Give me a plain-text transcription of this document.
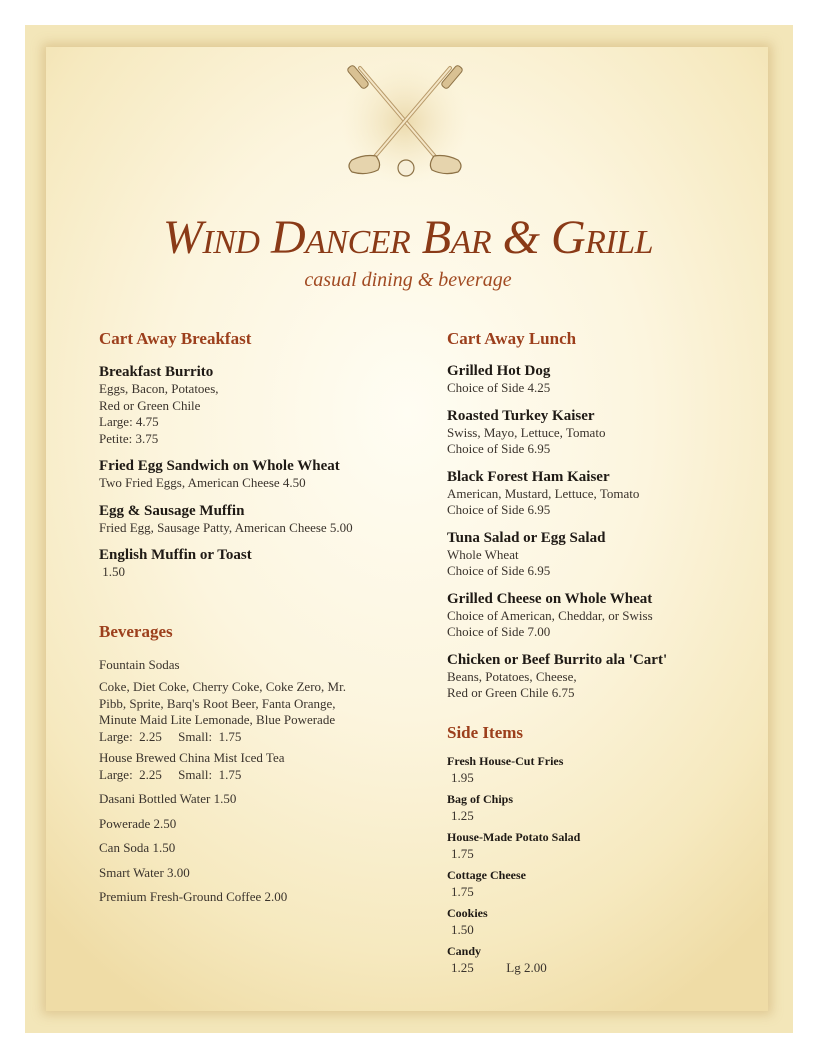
Wind Dancer Bar & Grill
casual dining & beverage
Cart Away Breakfast
Breakfast Burrito
Eggs, Bacon, Potatoes,
Red or Green Chile
Large: 4.75
Petite: 3.75
Fried Egg Sandwich on Whole Wheat
Two Fried Eggs, American Cheese 4.50
Egg & Sausage Muffin
Fried Egg, Sausage Patty, American Cheese 5.00
English Muffin or Toast
1.50
Beverages
Fountain Sodas
Coke, Diet Coke, Cherry Coke, Coke Zero, Mr.
Pibb, Sprite, Barq's Root Beer, Fanta Orange,
Minute Maid Lite Lemonade, Blue Powerade
Large:  2.25     Small:  1.75
House Brewed China Mist Iced Tea
Large:  2.25     Small:  1.75
Dasani Bottled Water 1.50
Powerade 2.50
Can Soda 1.50
Smart Water 3.00
Premium Fresh-Ground Coffee 2.00
Cart Away Lunch
Grilled Hot Dog
Choice of Side 4.25
Roasted Turkey Kaiser
Swiss, Mayo, Lettuce, Tomato
Choice of Side 6.95
Black Forest Ham Kaiser
American, Mustard, Lettuce, Tomato
Choice of Side 6.95
Tuna Salad or Egg Salad
Whole Wheat
Choice of Side 6.95
Grilled Cheese on Whole Wheat
Choice of American, Cheddar, or Swiss
Choice of Side 7.00
Chicken or Beef Burrito ala 'Cart'
Beans, Potatoes, Cheese,
Red or Green Chile 6.75
Side Items
Fresh House-Cut Fries
1.95
Bag of Chips
1.25
House-Made Potato Salad
1.75
Cottage Cheese
1.75
Cookies
1.50
Candy
1.25          Lg 2.00
